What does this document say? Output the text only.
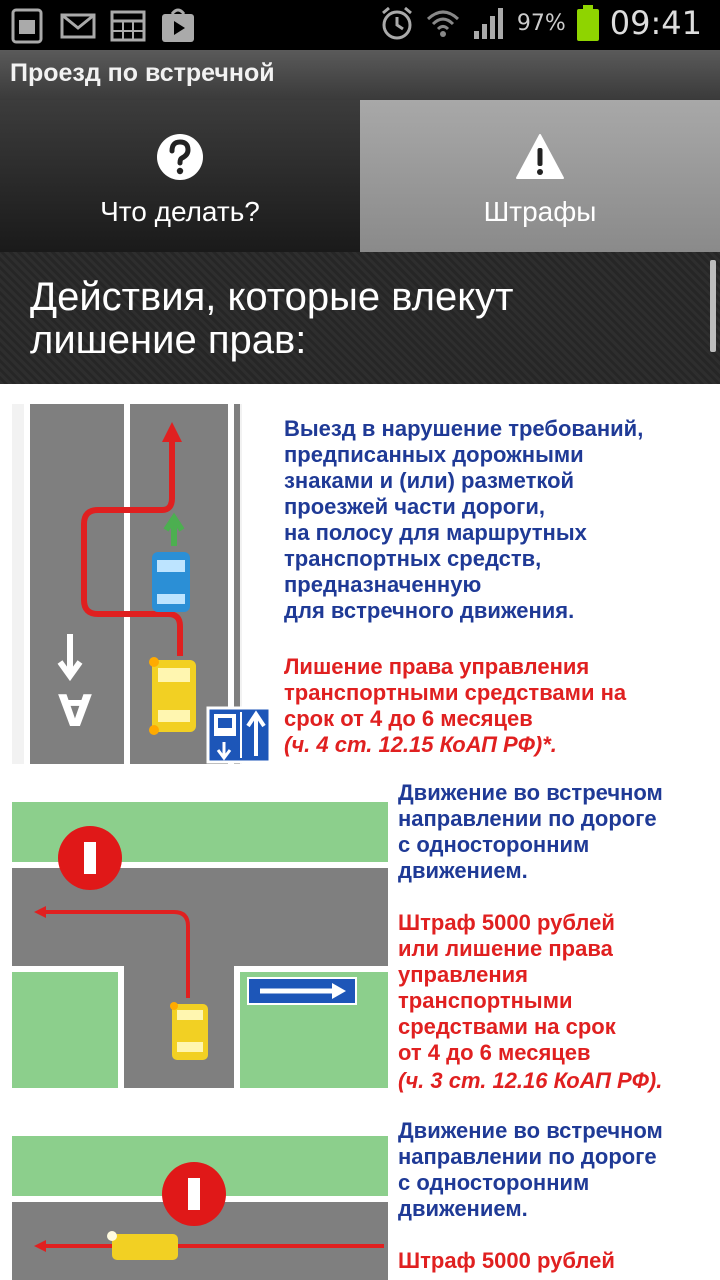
97% 09:41
Проезд по встречной
Что делать?	Штрафы
Действия, которые влекут
лишение прав:
A
Выезд в нарушение требований,
предписанных дорожными
знаками и (или) разметкой
проезжей части дороги,
на полосу для маршрутных
транспортных средств,
предназначенную
для встречного движения.
Лишение права управления
транспортными средствами на
срок от 4 до 6 месяцев
(ч. 4 ст. 12.15 КоАП РФ)*.
Движение во встречном
направлении по дороге
с односторонним
движением.
Штраф 5000 рублей
или лишение права
управления
транспортными
средствами на срок
от 4 до 6 месяцев
(ч. 3 ст. 12.16 КоАП РФ).
Движение во встречном
направлении по дороге
с односторонним
движением.
Штраф 5000 рублей
